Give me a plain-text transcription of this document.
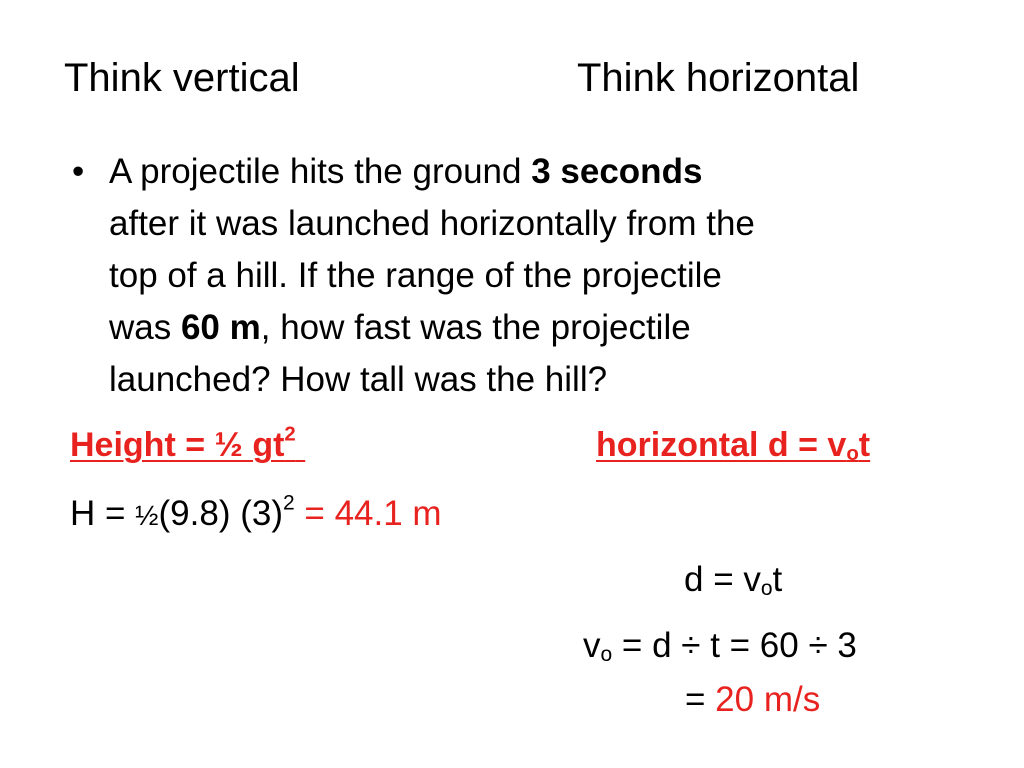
Think vertical	Think horizontal
• A projectile hits the ground 3 seconds
after it was launched horizontally from the
top of a hill. If the range of the projectile
was 60 m, how fast was the projectile
launched? How tall was the hill?
Height = ½ $gt^2$	horizontal $d = v_ot$
H = ½(9.8) $(3)^2 = 44.1$ m
$d = v_ot$
$v_o = d \div t = 60 \div 3$
= 20 m/s
